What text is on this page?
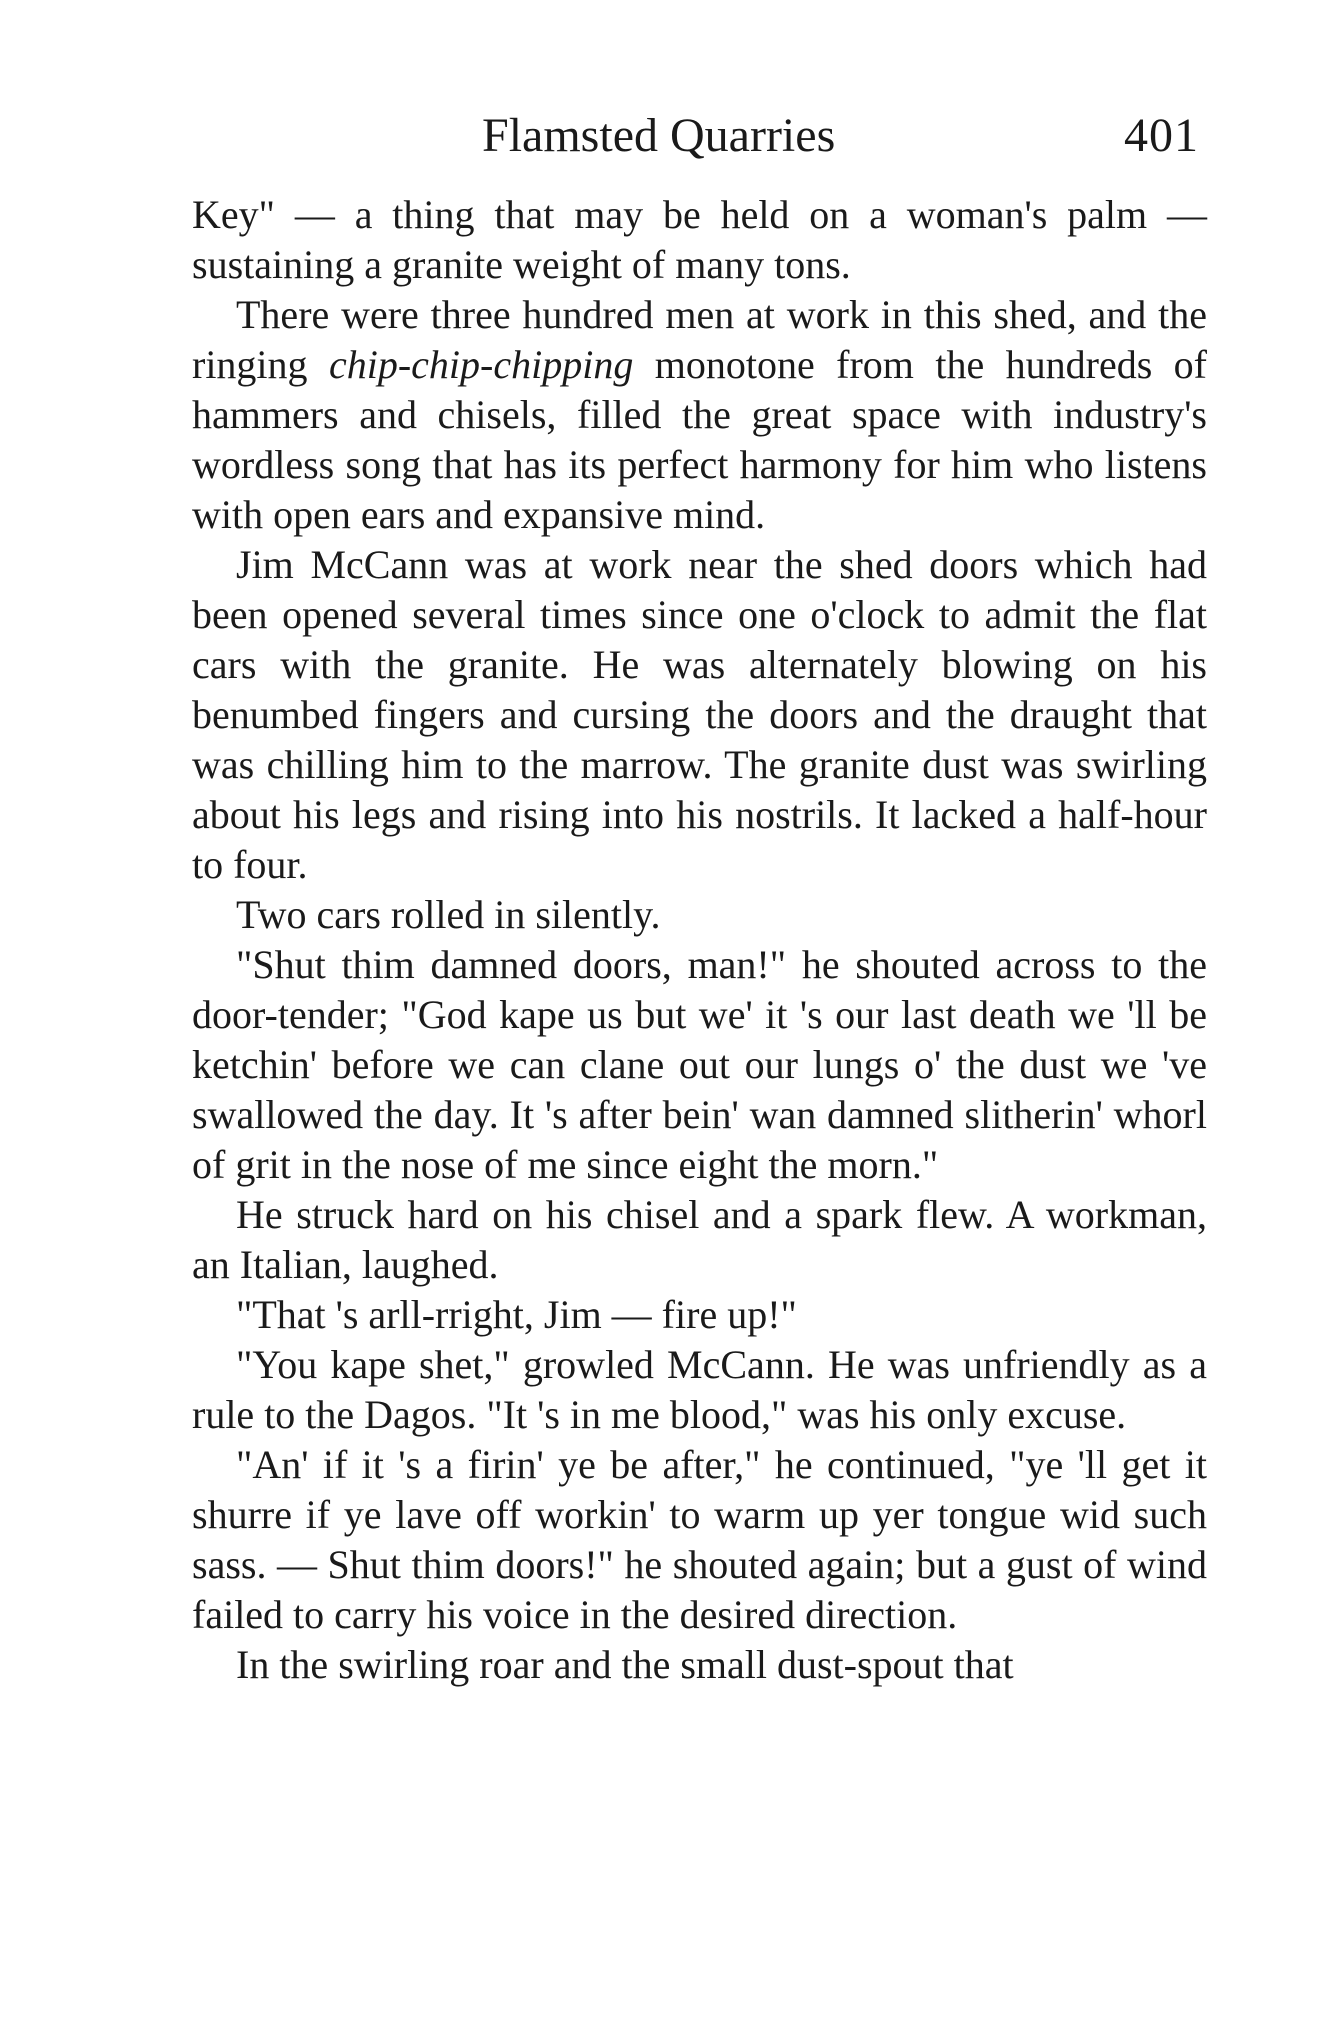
Flamsted Quarries	401

Key" — a thing that may be held on a woman's palm — sustaining a granite weight of many tons.

There were three hundred men at work in this shed, and the ringing chip-chip-chipping monotone from the hundreds of hammers and chisels, filled the great space with industry's wordless song that has its perfect harmony for him who listens with open ears and expansive mind.

Jim McCann was at work near the shed doors which had been opened several times since one o'clock to admit the flat cars with the granite. He was alternately blowing on his benumbed fingers and cursing the doors and the draught that was chilling him to the marrow. The granite dust was swirling about his legs and rising into his nostrils. It lacked a half-hour to four.

Two cars rolled in silently.

"Shut thim damned doors, man!" he shouted across to the door-tender; "God kape us but we' it 's our last death we 'll be ketchin' before we can clane out our lungs o' the dust we 've swallowed the day. It 's after bein' wan damned slitherin' whorl of grit in the nose of me since eight the morn."

He struck hard on his chisel and a spark flew. A workman, an Italian, laughed.

"That 's arll-rright, Jim — fire up!"

"You kape shet," growled McCann. He was unfriendly as a rule to the Dagos. "It 's in me blood," was his only excuse.

"An' if it 's a firin' ye be after," he continued, "ye 'll get it shurre if ye lave off workin' to warm up yer tongue wid such sass. — Shut thim doors!" he shouted again; but a gust of wind failed to carry his voice in the desired direction.

In the swirling roar and the small dust-spout that
